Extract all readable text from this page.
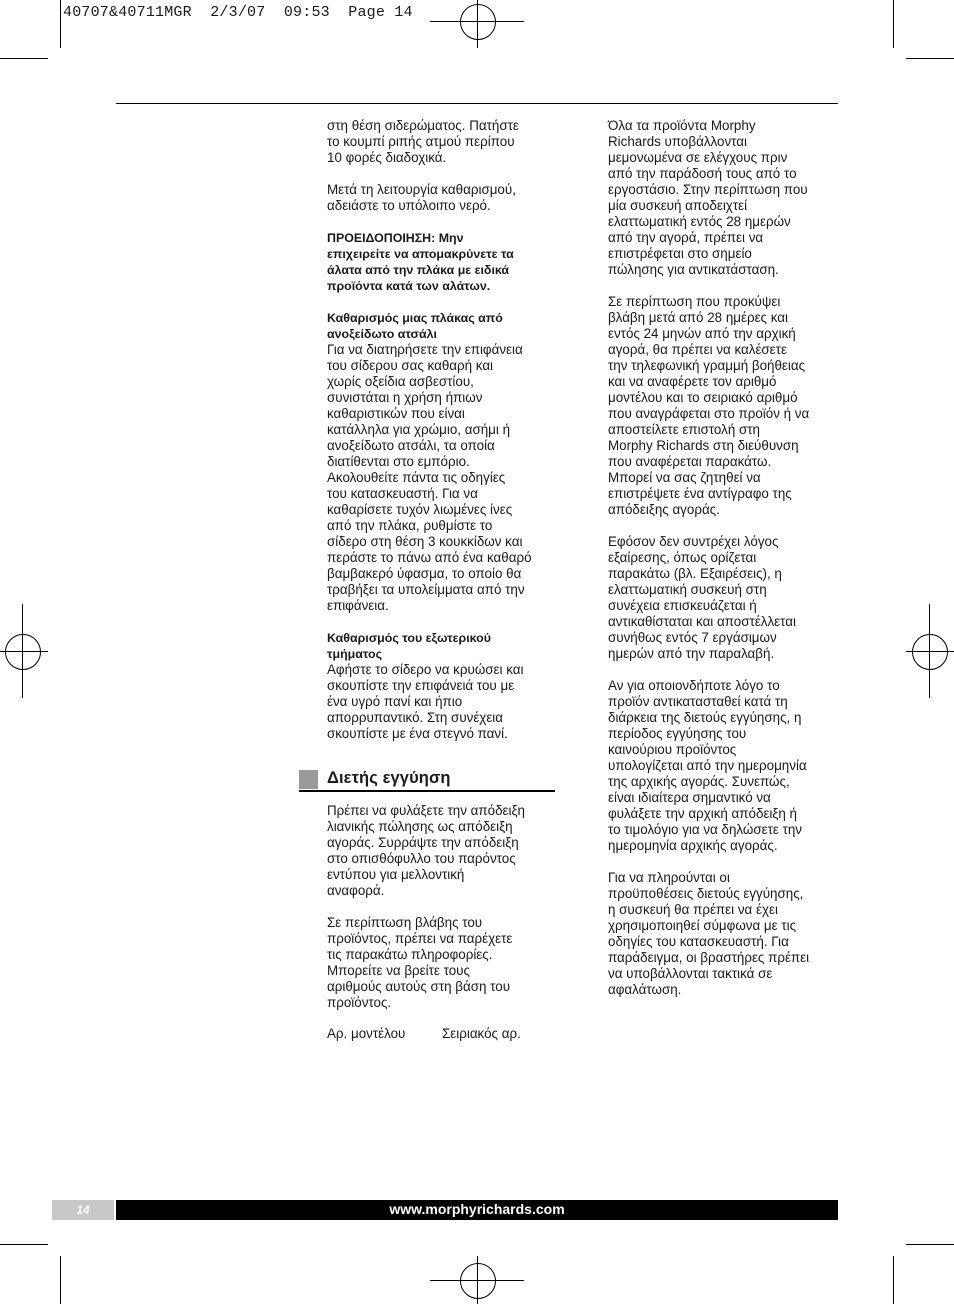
40707&40711MGR  2/3/07  09:53  Page 14

στη θέση σιδερώματος. Πατήστε
το κουμπί ριπής ατμού περίπου
10 φορές διαδοχικά.

Μετά τη λειτουργία καθαρισμού,
αδειάστε το υπόλοιπο νερό.

ΠΡΟΕΙΔΟΠΟΙΗΣΗ: Μην
επιχειρείτε να απομακρύνετε τα
άλατα από την πλάκα με ειδικά
προϊόντα κατά των αλάτων.

Καθαρισμός μιας πλάκας από
ανοξείδωτο ατσάλι
Για να διατηρήσετε την επιφάνεια
του σίδερου σας καθαρή και
χωρίς οξείδια ασβεστίου,
συνιστάται η χρήση ήπιων
καθαριστικών που είναι
κατάλληλα για χρώμιο, ασήμι ή
ανοξείδωτο ατσάλι, τα οποία
διατίθενται στο εμπόριο.
Ακολουθείτε πάντα τις οδηγίες
του κατασκευαστή. Για να
καθαρίσετε τυχόν λιωμένες ίνες
από την πλάκα, ρυθμίστε το
σίδερο στη θέση 3 κουκκίδων και
περάστε το πάνω από ένα καθαρό
βαμβακερό ύφασμα, το οποίο θα
τραβήξει τα υπολείμματα από την
επιφάνεια.

Καθαρισμός του εξωτερικού
τμήματος
Αφήστε το σίδερο να κρυώσει και
σκουπίστε την επιφάνειά του με
ένα υγρό πανί και ήπιο
απορρυπαντικό. Στη συνέχεια
σκουπίστε με ένα στεγνό πανί.

Διετής εγγύηση

Πρέπει να φυλάξετε την απόδειξη
λιανικής πώλησης ως απόδειξη
αγοράς. Συρράψτε την απόδειξη
στο οπισθόφυλλο του παρόντος
εντύπου για μελλοντική
αναφορά.

Σε περίπτωση βλάβης του
προϊόντος, πρέπει να παρέχετε
τις παρακάτω πληροφορίες.
Μπορείτε να βρείτε τους
αριθμούς αυτούς στη βάση του
προϊόντος.

Αρ. μοντέλου	Σειριακός αρ.

Όλα τα προϊόντα Morphy
Richards υποβάλλονται
μεμονωμένα σε ελέγχους πριν
από την παράδοσή τους από το
εργοστάσιο. Στην περίπτωση που
μία συσκευή αποδειχτεί
ελαττωματική εντός 28 ημερών
από την αγορά, πρέπει να
επιστρέφεται στο σημείο
πώλησης για αντικατάσταση.

Σε περίπτωση που προκύψει
βλάβη μετά από 28 ημέρες και
εντός 24 μηνών από την αρχική
αγορά, θα πρέπει να καλέσετε
την τηλεφωνική γραμμή βοήθειας
και να αναφέρετε τον αριθμό
μοντέλου και το σειριακό αριθμό
που αναγράφεται στο προϊόν ή να
αποστείλετε επιστολή στη
Morphy Richards στη διεύθυνση
που αναφέρεται παρακάτω.
Μπορεί να σας ζητηθεί να
επιστρέψετε ένα αντίγραφο της
απόδειξης αγοράς.

Εφόσον δεν συντρέχει λόγος
εξαίρεσης, όπως ορίζεται
παρακάτω (βλ. Εξαιρέσεις), η
ελαττωματική συσκευή στη
συνέχεια επισκευάζεται ή
αντικαθίσταται και αποστέλλεται
συνήθως εντός 7 εργάσιμων
ημερών από την παραλαβή.

Αν για οποιονδήποτε λόγο το
προϊόν αντικατασταθεί κατά τη
διάρκεια της διετούς εγγύησης, η
περίοδος εγγύησης του
καινούριου προϊόντος
υπολογίζεται από την ημερομηνία
της αρχικής αγοράς. Συνεπώς,
είναι ιδιαίτερα σημαντικό να
φυλάξετε την αρχική απόδειξη ή
το τιμολόγιο για να δηλώσετε την
ημερομηνία αρχικής αγοράς.

Για να πληρούνται οι
προϋποθέσεις διετούς εγγύησης,
η συσκευή θα πρέπει να έχει
χρησιμοποιηθεί σύμφωνα με τις
οδηγίες του κατασκευαστή. Για
παράδειγμα, οι βραστήρες πρέπει
να υποβάλλονται τακτικά σε
αφαλάτωση.

14	www.morphyrichards.com
